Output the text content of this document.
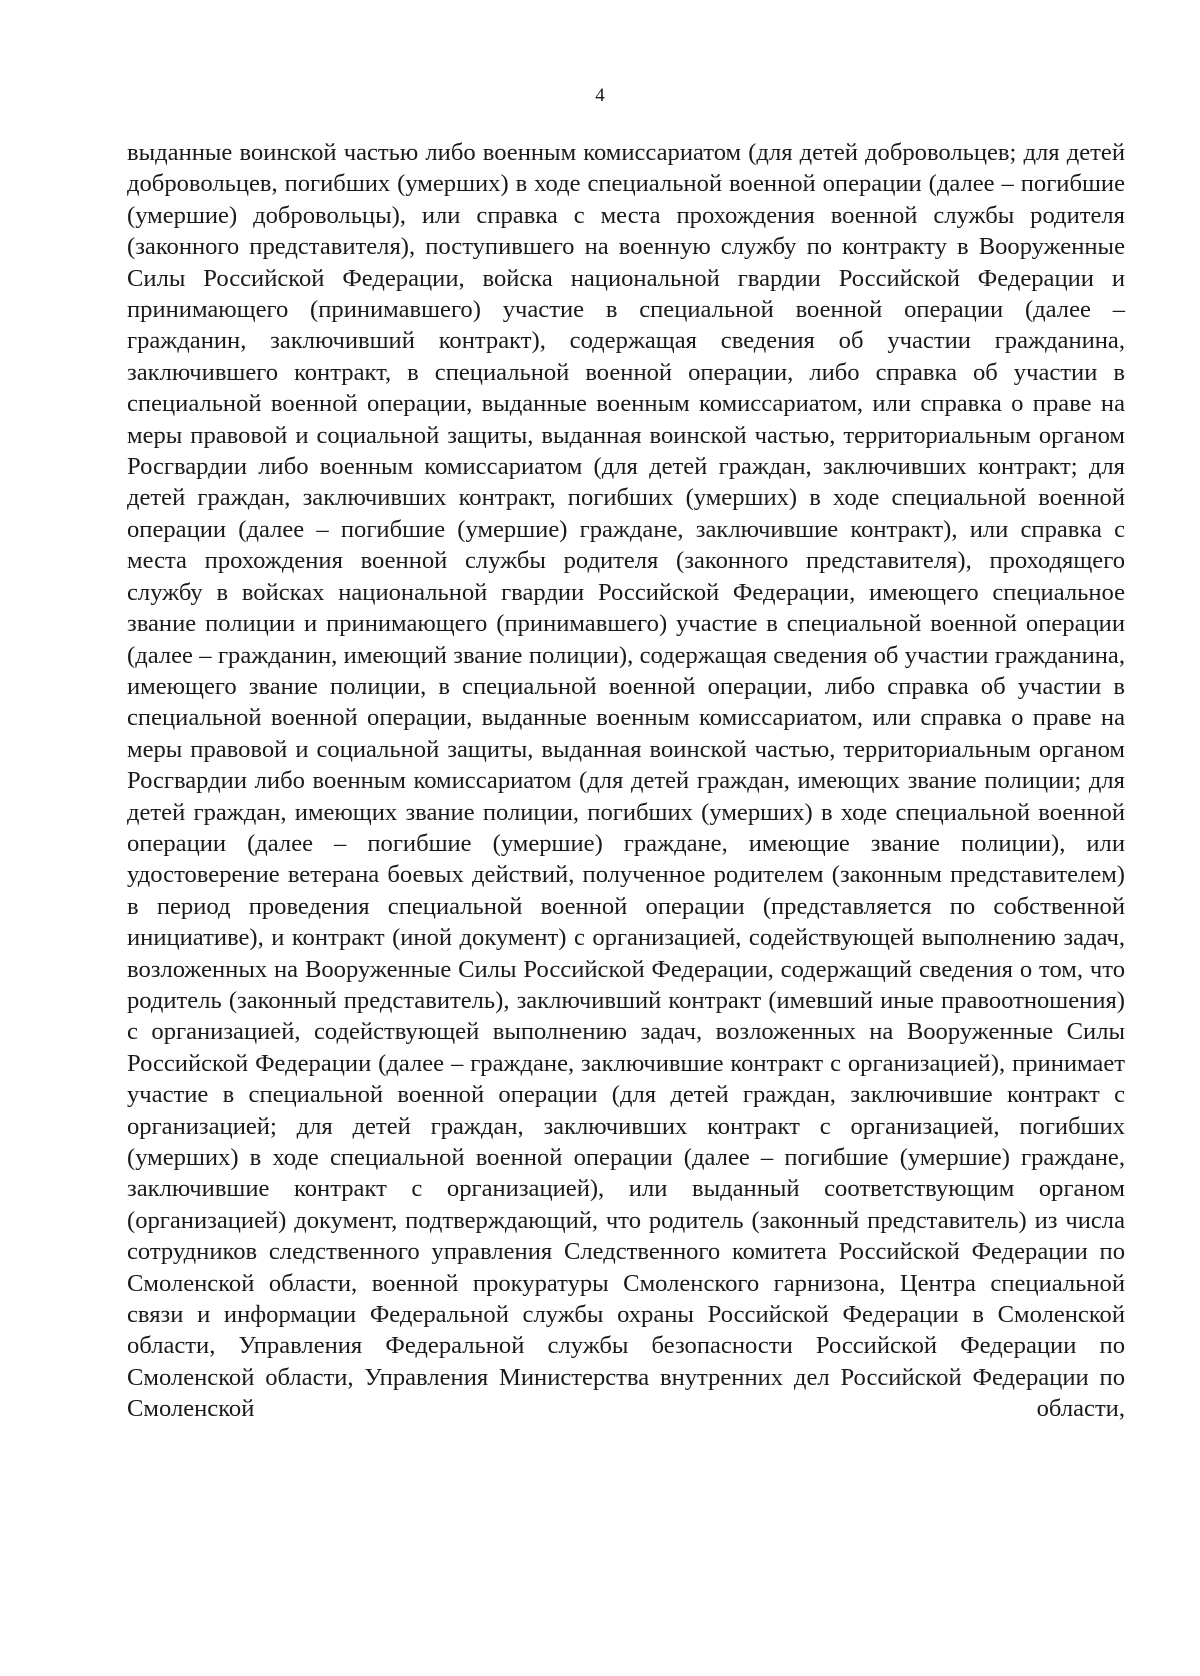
4

выданные воинской частью либо военным комиссариатом (для детей добровольцев; для детей добровольцев, погибших (умерших) в ходе специальной военной операции (далее – погибшие (умершие) добровольцы), или справка с места прохождения военной службы родителя (законного представителя), поступившего на военную службу по контракту в Вооруженные Силы Российской Федерации, войска национальной гвардии Российской Федерации и принимающего (принимавшего) участие в специальной военной операции (далее – гражданин, заключивший контракт), содержащая сведения об участии гражданина, заключившего контракт, в специальной военной операции, либо справка об участии в специальной военной операции, выданные военным комиссариатом, или справка о праве на меры правовой и социальной защиты, выданная воинской частью, территориальным органом Росгвардии либо военным комиссариатом (для детей граждан, заключивших контракт; для детей граждан, заключивших контракт, погибших (умерших) в ходе специальной военной операции (далее – погибшие (умершие) граждане, заключившие контракт), или справка с места прохождения военной службы родителя (законного представителя), проходящего службу в войсках национальной гвардии Российской Федерации, имеющего специальное звание полиции и принимающего (принимавшего) участие в специальной военной операции (далее – гражданин, имеющий звание полиции), содержащая сведения об участии гражданина, имеющего звание полиции, в специальной военной операции, либо справка об участии в специальной военной операции, выданные военным комиссариатом, или справка о праве на меры правовой и социальной защиты, выданная воинской частью, территориальным органом Росгвардии либо военным комиссариатом (для детей граждан, имеющих звание полиции; для детей граждан, имеющих звание полиции, погибших (умерших) в ходе специальной военной операции (далее – погибшие (умершие) граждане, имеющие звание полиции), или удостоверение ветерана боевых действий, полученное родителем (законным представителем) в период проведения специальной военной операции (представляется по собственной инициативе), и контракт (иной документ) с организацией, содействующей выполнению задач, возложенных на Вооруженные Силы Российской Федерации, содержащий сведения о том, что родитель (законный представитель), заключивший контракт (имевший иные правоотношения) с организацией, содействующей выполнению задач, возложенных на Вооруженные Силы Российской Федерации (далее – граждане, заключившие контракт с организацией), принимает участие в специальной военной операции (для детей граждан, заключившие контракт с организацией; для детей граждан, заключивших контракт с организацией, погибших (умерших) в ходе специальной военной операции (далее – погибшие (умершие) граждане, заключившие контракт с организацией), или выданный соответствующим органом (организацией) документ, подтверждающий, что родитель (законный представитель) из числа сотрудников следственного управления Следственного комитета Российской Федерации по Смоленской области, военной прокуратуры Смоленского гарнизона, Центра специальной связи и информации Федеральной службы охраны Российской Федерации в Смоленской области, Управления Федеральной службы безопасности Российской Федерации по Смоленской области, Управления Министерства внутренних дел Российской Федерации по Смоленской области,
